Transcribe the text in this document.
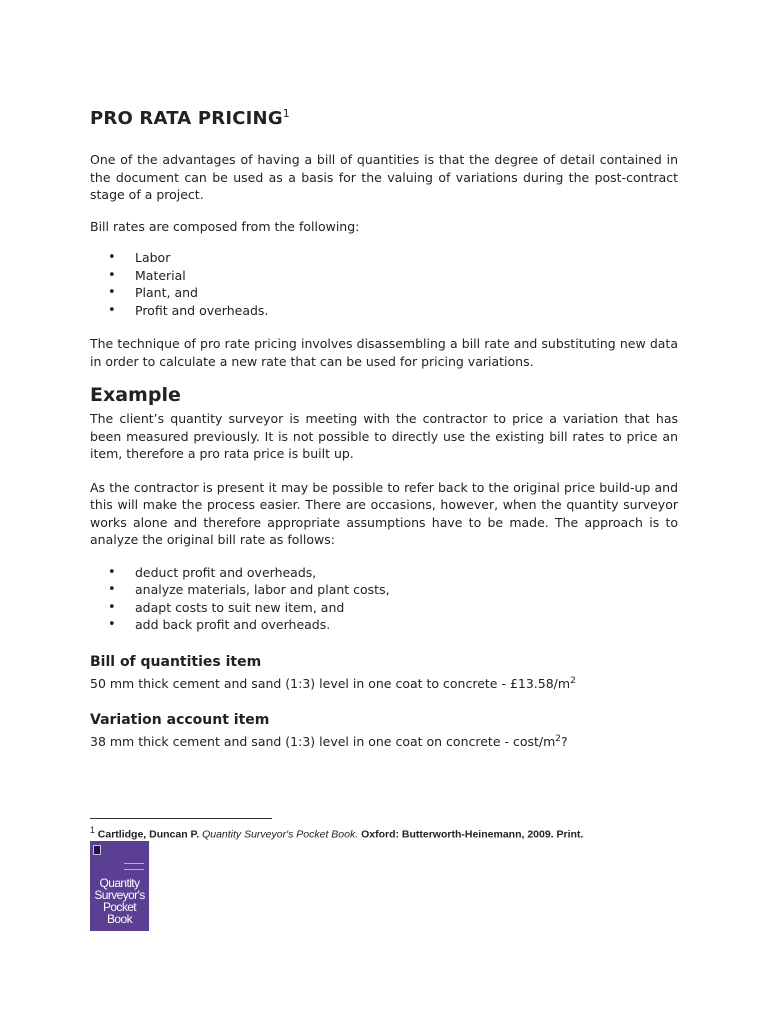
PRO RATA PRICING$^1$

One of the advantages of having a bill of quantities is that the degree of detail contained in the document can be used as a basis for the valuing of variations during the post-contract stage of a project.

Bill rates are composed from the following:

• Labor
• Material
• Plant, and
• Profit and overheads.

The technique of pro rate pricing involves disassembling a bill rate and substituting new data in order to calculate a new rate that can be used for pricing variations.

Example

The client’s quantity surveyor is meeting with the contractor to price a variation that has been measured previously. It is not possible to directly use the existing bill rates to price an item, therefore a pro rata price is built up.

As the contractor is present it may be possible to refer back to the original price build-up and this will make the process easier. There are occasions, however, when the quantity surveyor works alone and therefore appropriate assumptions have to be made. The approach is to analyze the original bill rate as follows:

• deduct profit and overheads,
• analyze materials, labor and plant costs,
• adapt costs to suit new item, and
• add back profit and overheads.
Bill of quantities item

50 mm thick cement and sand (1:3) level in one coat to concrete - $£13.58/m^2$

Variation account item

38 mm thick cement and sand (1:3) level in one coat on concrete - cost/$m^2$?

$^1$ Cartlidge, Duncan P. Quantity Surveyor's Pocket Book. Oxford: Butterworth-Heinemann, 2009. Print.
Quantity
Surveyor's
Pocket
Book
